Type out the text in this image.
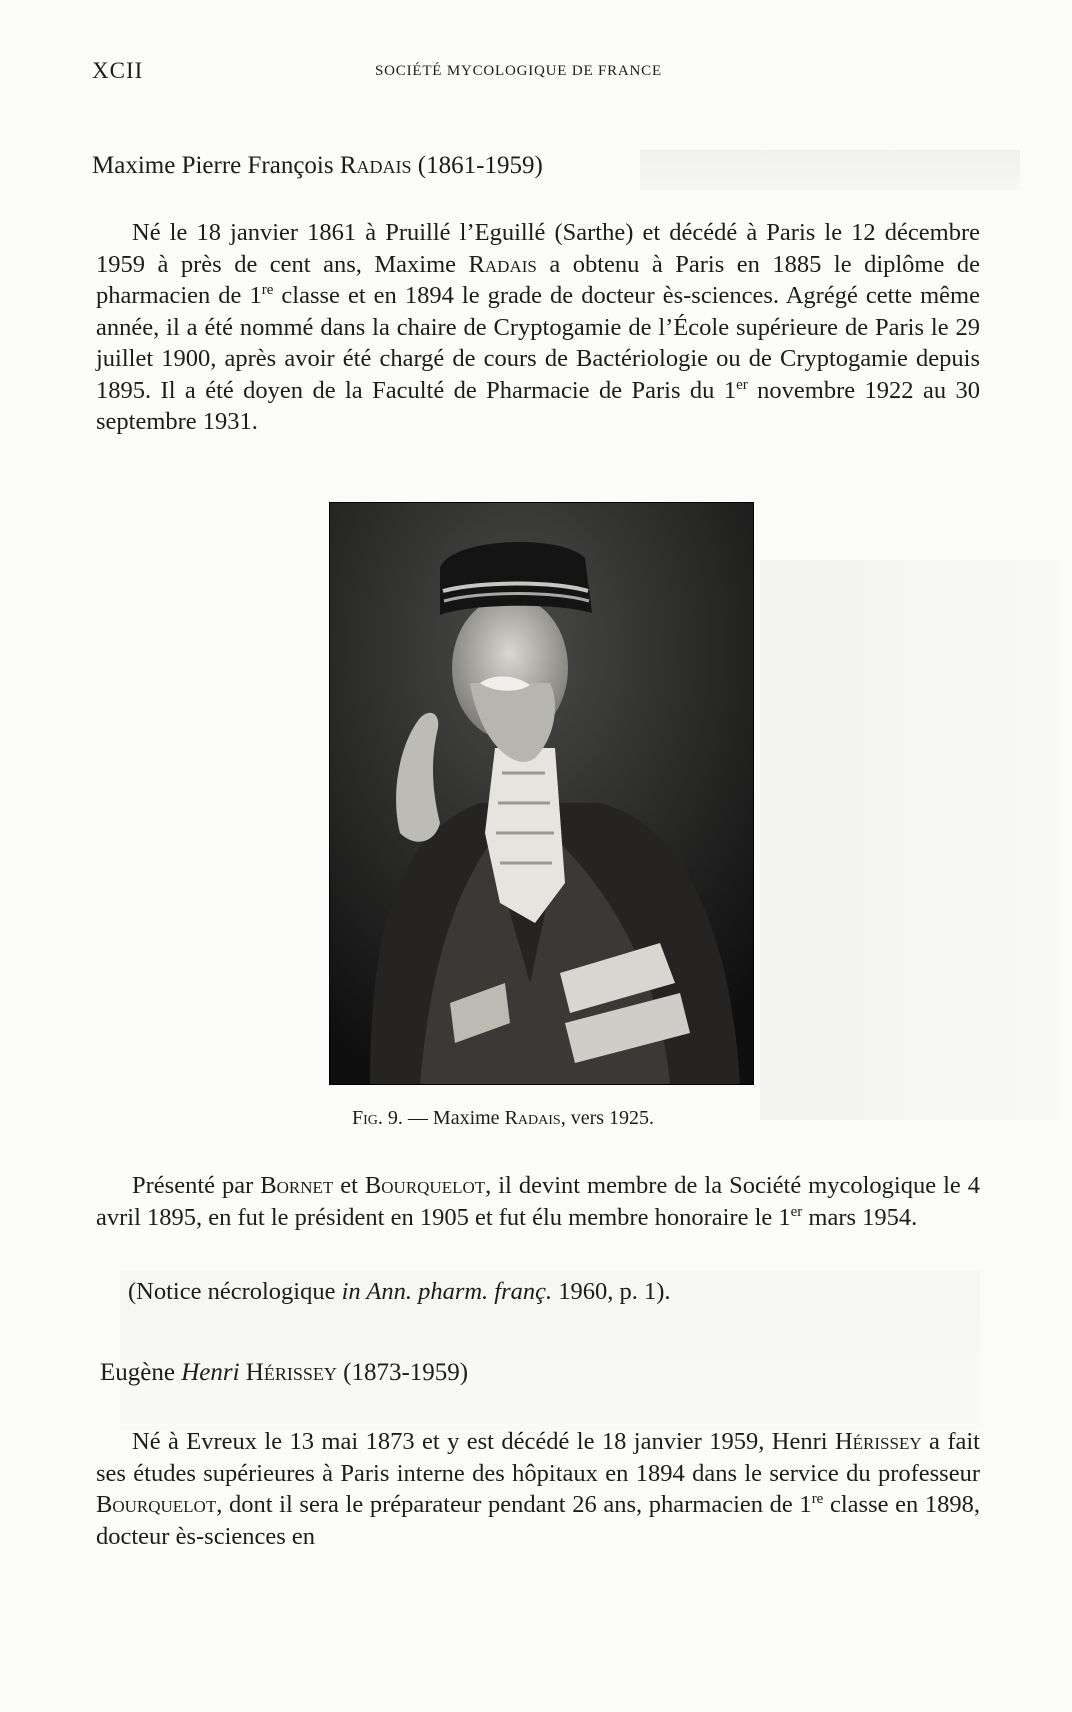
XCII	SOCIÉTÉ MYCOLOGIQUE DE FRANCE
Maxime Pierre François Radais (1861-1959)
Né le 18 janvier 1861 à Pruillé l’Eguillé (Sarthe) et décédé à Paris le 12 décembre 1959 à près de cent ans, Maxime Radais a obtenu à Paris en 1885 le diplôme de pharmacien de 1re classe et en 1894 le grade de docteur ès-sciences. Agrégé cette même année, il a été nommé dans la chaire de Cryptogamie de l’École supérieure de Paris le 29 juillet 1900, après avoir été chargé de cours de Bactériologie ou de Cryptogamie depuis 1895. Il a été doyen de la Faculté de Pharmacie de Paris du 1er novembre 1922 au 30 septembre 1931.
Fig. 9. — Maxime Radais, vers 1925.
Présenté par Bornet et Bourquelot, il devint membre de la Société mycologique le 4 avril 1895, en fut le président en 1905 et fut élu membre honoraire le 1er mars 1954.
(Notice nécrologique in Ann. pharm. franç. 1960, p. 1).
Eugène Henri Hérissey (1873-1959)
Né à Evreux le 13 mai 1873 et y est décédé le 18 janvier 1959, Henri Hérissey a fait ses études supérieures à Paris interne des hôpitaux en 1894 dans le service du professeur Bourquelot, dont il sera le préparateur pendant 26 ans, pharmacien de 1re classe en 1898, docteur ès-sciences en
